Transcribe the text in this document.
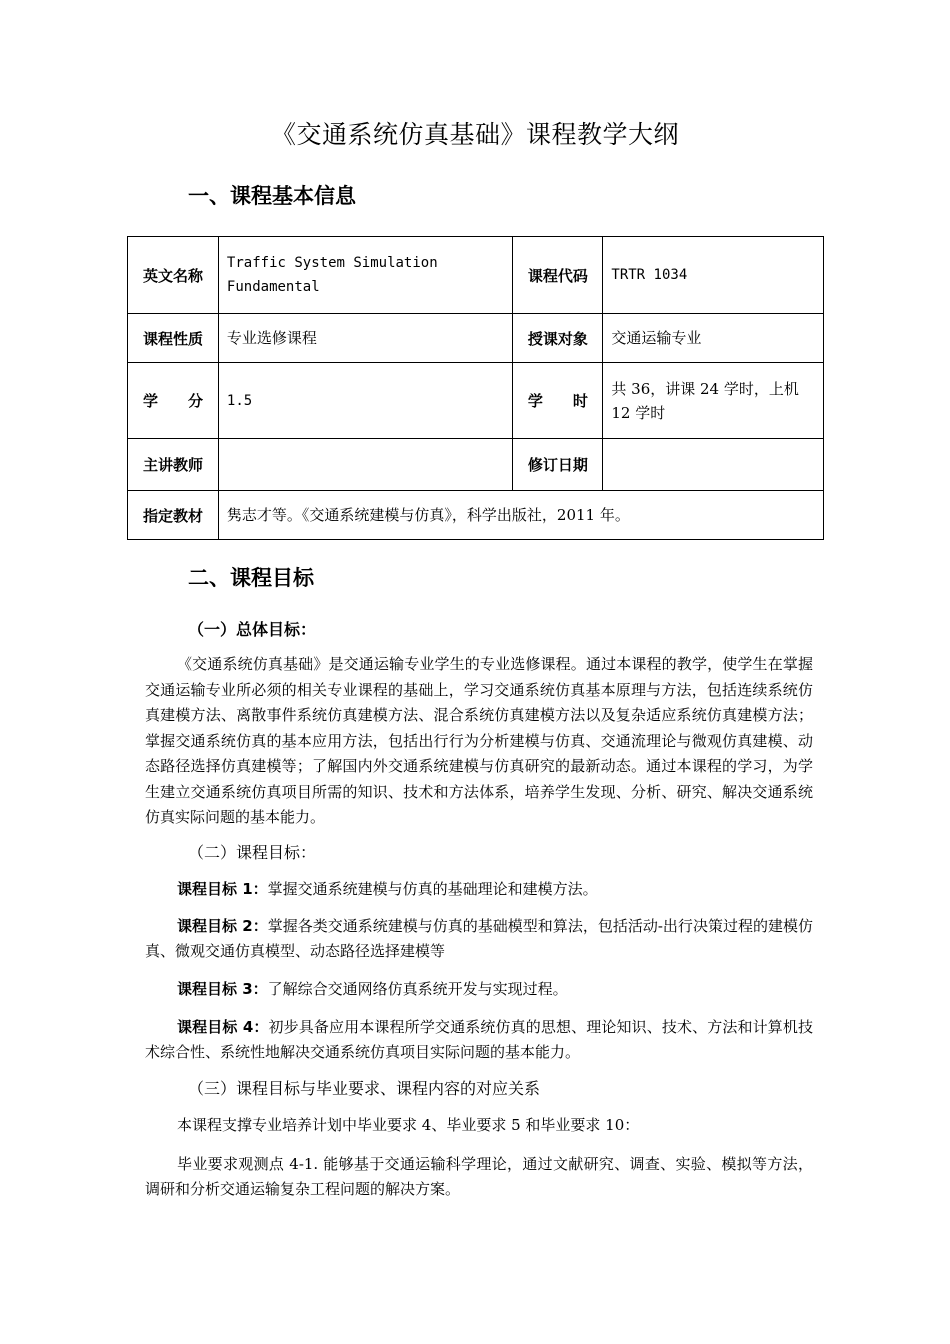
《交通系统仿真基础》课程教学大纲
一、课程基本信息
英文名称	Traffic System Simulation Fundamental	课程代码	TRTR 1034
课程性质	专业选修课程	授课对象	交通运输专业
学　　分	1.5	学　　时	共 36，讲课 24 学时，上机 12 学时
主讲教师		修订日期	
指定教材	隽志才等。《交通系统建模与仿真》，科学出版社，2011 年。		
二、课程目标
（一）总体目标：
《交通系统仿真基础》是交通运输专业学生的专业选修课程。通过本课程的教学，使学生在掌握交通运输专业所必须的相关专业课程的基础上，学习交通系统仿真基本原理与方法，包括连续系统仿真建模方法、离散事件系统仿真建模方法、混合系统仿真建模方法以及复杂适应系统仿真建模方法；掌握交通系统仿真的基本应用方法，包括出行行为分析建模与仿真、交通流理论与微观仿真建模、动态路径选择仿真建模等；了解国内外交通系统建模与仿真研究的最新动态。通过本课程的学习，为学生建立交通系统仿真项目所需的知识、技术和方法体系，培养学生发现、分析、研究、解决交通系统仿真实际问题的基本能力。
（二）课程目标：
课程目标 1：掌握交通系统建模与仿真的基础理论和建模方法。
课程目标 2：掌握各类交通系统建模与仿真的基础模型和算法，包括活动-出行决策过程的建模仿真、微观交通仿真模型、动态路径选择建模等
课程目标 3：了解综合交通网络仿真系统开发与实现过程。
课程目标 4：初步具备应用本课程所学交通系统仿真的思想、理论知识、技术、方法和计算机技术综合性、系统性地解决交通系统仿真项目实际问题的基本能力。
（三）课程目标与毕业要求、课程内容的对应关系
本课程支撑专业培养计划中毕业要求 4、毕业要求 5 和毕业要求 10：
毕业要求观测点 4-1. 能够基于交通运输科学理论，通过文献研究、调查、实验、模拟等方法，调研和分析交通运输复杂工程问题的解决方案。
